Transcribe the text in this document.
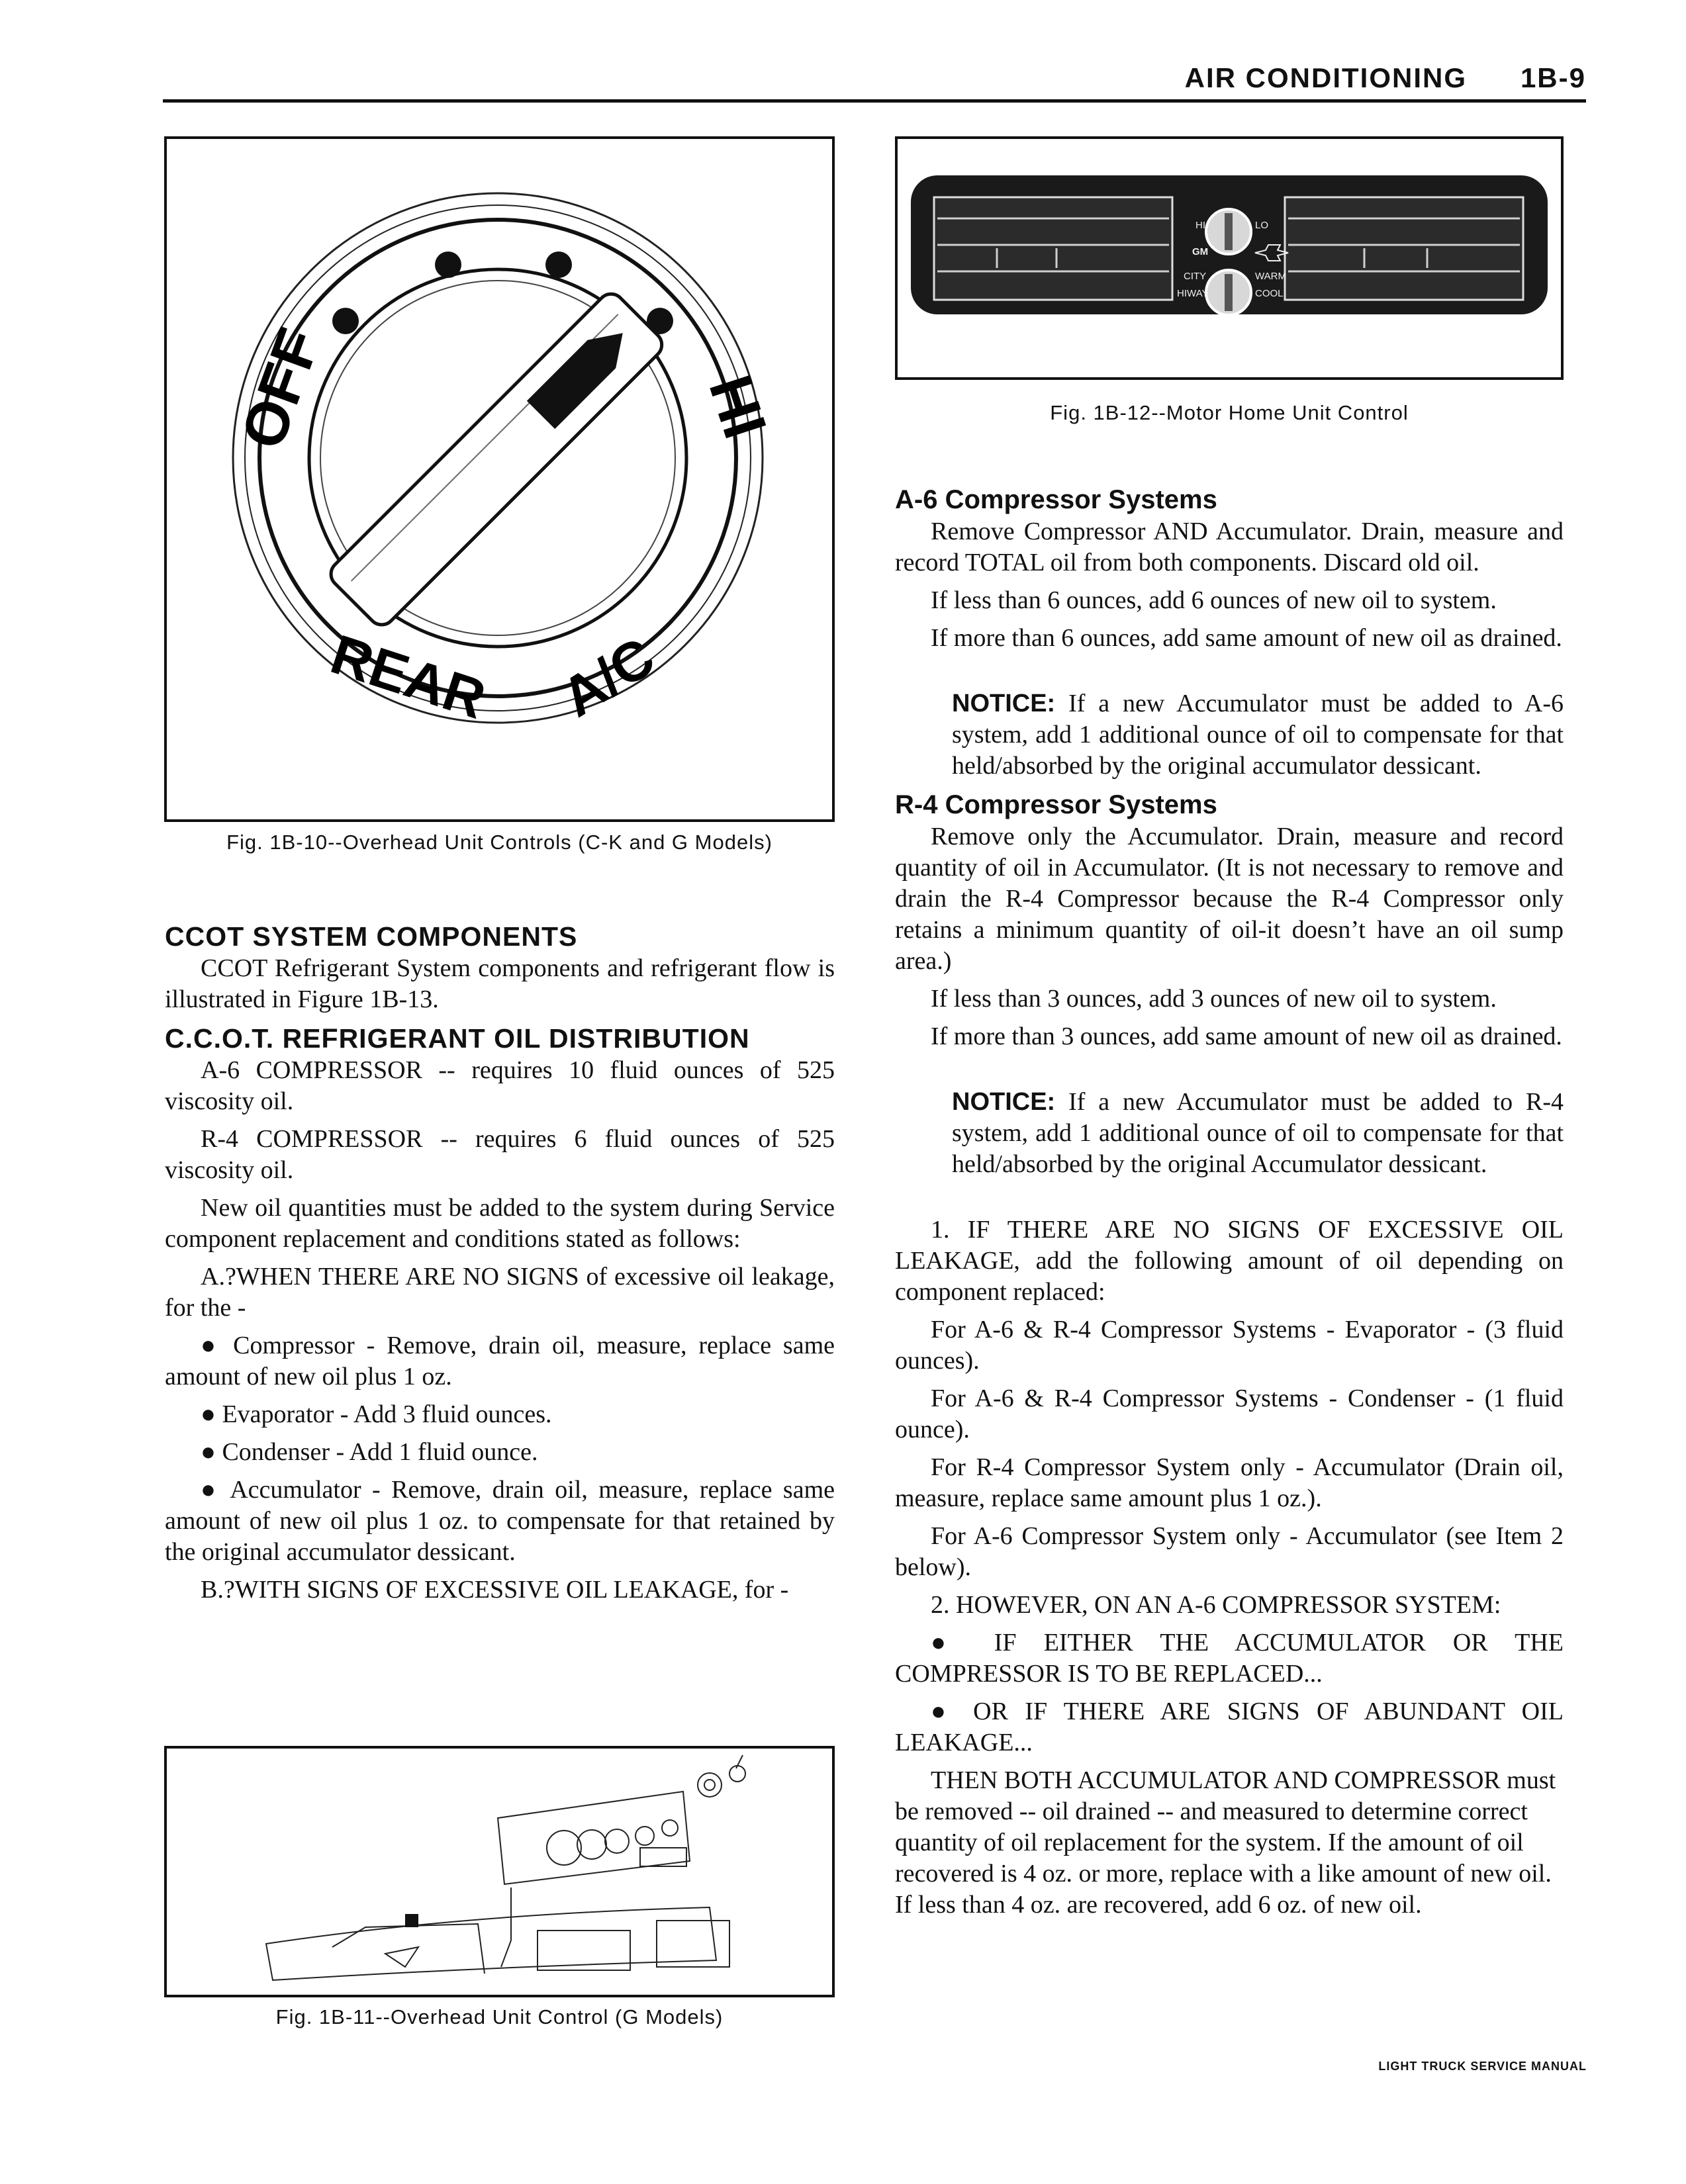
AIR CONDITIONING 1B-9
OFF	HI
REAR A/C
Fig. 1B-10--Overhead Unit Controls (C-K and G Models)
Fig. 1B-11--Overhead Unit Control (G Models)
HI	LO
GM
CITY
HIWAY
WARM
COOL
Fig. 1B-12--Motor Home Unit Control
CCOT SYSTEM COMPONENTS

CCOT Refrigerant System components and refrigerant flow is illustrated in Figure 1B-13.

C.C.O.T. REFRIGERANT OIL DISTRIBUTION

A-6 COMPRESSOR -- requires 10 fluid ounces of 525 viscosity oil.

R-4 COMPRESSOR -- requires 6 fluid ounces of 525 viscosity oil.

New oil quantities must be added to the system during Service component replacement and conditions stated as follows:

A.?WHEN THERE ARE NO SIGNS of excessive oil leakage, for the -

● Compressor - Remove, drain oil, measure, replace same amount of new oil plus 1 oz.

● Evaporator - Add 3 fluid ounces.

● Condenser - Add 1 fluid ounce.

● Accumulator - Remove, drain oil, measure, replace same amount of new oil plus 1 oz. to compensate for that retained by the original accumulator dessicant.

B.?WITH SIGNS OF EXCESSIVE OIL LEAKAGE, for -

A-6 Compressor Systems

Remove Compressor AND Accumulator. Drain, measure and record TOTAL oil from both components. Discard old oil.

If less than 6 ounces, add 6 ounces of new oil to system.

If more than 6 ounces, add same amount of new oil as drained.

NOTICE: If a new Accumulator must be added to A-6 system, add 1 additional ounce of oil to compensate for that held/absorbed by the original accumulator dessicant.

R-4 Compressor Systems

Remove only the Accumulator. Drain, measure and record quantity of oil in Accumulator. (It is not necessary to remove and drain the R-4 Compressor because the R-4 Compressor only retains a minimum quantity of oil-it doesn’t have an oil sump area.)

If less than 3 ounces, add 3 ounces of new oil to system.

If more than 3 ounces, add same amount of new oil as drained.

NOTICE: If a new Accumulator must be added to R-4 system, add 1 additional ounce of oil to compensate for that held/absorbed by the original Accumulator dessicant.

1. IF THERE ARE NO SIGNS OF EXCESSIVE OIL LEAKAGE, add the following amount of oil depending on component replaced:

For A-6 & R-4 Compressor Systems - Evaporator - (3 fluid ounces).

For A-6 & R-4 Compressor Systems - Condenser - (1 fluid ounce).

For R-4 Compressor System only - Accumulator (Drain oil, measure, replace same amount plus 1 oz.).

For A-6 Compressor System only - Accumulator (see Item 2 below).

2. HOWEVER, ON AN A-6 COMPRESSOR SYSTEM:

● IF EITHER THE ACCUMULATOR OR THE COMPRESSOR IS TO BE REPLACED...

● OR IF THERE ARE SIGNS OF ABUNDANT OIL LEAKAGE...

THEN BOTH ACCUMULATOR AND COMPRESSOR must be removed -- oil drained -- and measured to determine correct quantity of oil replacement for the system. If the amount of oil recovered is 4 oz. or more, replace with a like amount of new oil. If less than 4 oz. are recovered, add 6 oz. of new oil.

LIGHT TRUCK SERVICE MANUAL
